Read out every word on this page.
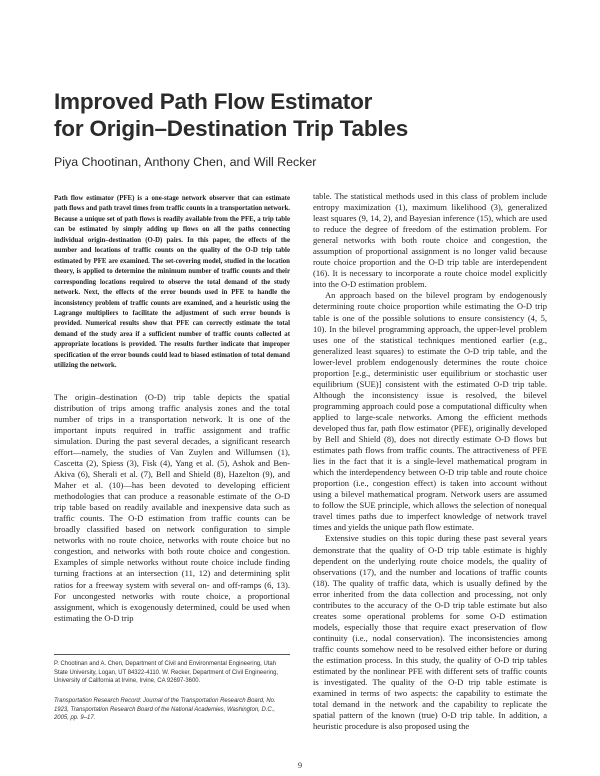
Improved Path Flow Estimator
for Origin–Destination Trip Tables
Piya Chootinan, Anthony Chen, and Will Recker

Path flow estimator (PFE) is a one-stage network observer that can estimate path flows and path travel times from traffic counts in a transportation network. Because a unique set of path flows is readily available from the PFE, a trip table can be estimated by simply adding up flows on all the paths connecting individual origin–destination (O-D) pairs. In this paper, the effects of the number and locations of traffic counts on the quality of the O-D trip table estimated by PFE are examined. The set-covering model, studied in the location theory, is applied to determine the minimum number of traffic counts and their corresponding locations required to observe the total demand of the study network. Next, the effects of the error bounds used in PFE to handle the inconsistency problem of traffic counts are examined, and a heuristic using the Lagrange multipliers to facilitate the adjustment of such error bounds is provided. Numerical results show that PFE can correctly estimate the total demand of the study area if a sufficient number of traffic counts collected at appropriate locations is provided. The results further indicate that improper specification of the error bounds could lead to biased estimation of total demand utilizing the network.

The origin–destination (O-D) trip table depicts the spatial distribution of trips among traffic analysis zones and the total number of trips in a transportation network. It is one of the important inputs required in traffic assignment and traffic simulation. During the past several decades, a significant research effort—namely, the studies of Van Zuylen and Willumsen (1), Cascetta (2), Spiess (3), Fisk (4), Yang et al. (5), Ashok and Ben-Akiva (6), Sherali et al. (7), Bell and Shield (8), Hazelton (9), and Maher et al. (10)—has been devoted to developing efficient methodologies that can produce a reasonable estimate of the O-D trip table based on readily available and inexpensive data such as traffic counts. The O-D estimation from traffic counts can be broadly classified based on network configuration to simple networks with no route choice, networks with route choice but no congestion, and networks with both route choice and congestion. Examples of simple networks without route choice include finding turning fractions at an intersection (11, 12) and determining split ratios for a freeway system with several on- and off-ramps (6, 13). For uncongested networks with route choice, a proportional assignment, which is exogenously determined, could be used when estimating the O-D trip

P. Chootinan and A. Chen, Department of Civil and Environmental Engineering, Utah State University, Logan, UT 84322-4110. W. Recker, Department of Civil Engineering, University of California at Irvine, Irvine, CA 92697-3600.

Transportation Research Record: Journal of the Transportation Research Board, No. 1923, Transportation Research Board of the National Academies, Washington, D.C., 2005, pp. 9–17.

table. The statistical methods used in this class of problem include entropy maximization (1), maximum likelihood (3), generalized least squares (9, 14, 2), and Bayesian inference (15), which are used to reduce the degree of freedom of the estimation problem. For general networks with both route choice and congestion, the assumption of proportional assignment is no longer valid because route choice proportion and the O-D trip table are interdependent (16). It is necessary to incorporate a route choice model explicitly into the O-D estimation problem.

An approach based on the bilevel program by endogenously determining route choice proportion while estimating the O-D trip table is one of the possible solutions to ensure consistency (4, 5, 10). In the bilevel programming approach, the upper-level problem uses one of the statistical techniques mentioned earlier (e.g., generalized least squares) to estimate the O-D trip table, and the lower-level problem endogenously determines the route choice proportion [e.g., deterministic user equilibrium or stochastic user equilibrium (SUE)] consistent with the estimated O-D trip table. Although the inconsistency issue is resolved, the bilevel programming approach could pose a computational difficulty when applied to large-scale networks. Among the efficient methods developed thus far, path flow estimator (PFE), originally developed by Bell and Shield (8), does not directly estimate O-D flows but estimates path flows from traffic counts. The attractiveness of PFE lies in the fact that it is a single-level mathematical program in which the interdependency between O-D trip table and route choice proportion (i.e., congestion effect) is taken into account without using a bilevel mathematical program. Network users are assumed to follow the SUE principle, which allows the selection of nonequal travel times paths due to imperfect knowledge of network travel times and yields the unique path flow estimate.

Extensive studies on this topic during these past several years demonstrate that the quality of O-D trip table estimate is highly dependent on the underlying route choice models, the quality of observations (17), and the number and locations of traffic counts (18). The quality of traffic data, which is usually defined by the error inherited from the data collection and processing, not only contributes to the accuracy of the O-D trip table estimate but also creates some operational problems for some O-D estimation models, especially those that require exact preservation of flow continuity (i.e., nodal conservation). The inconsistencies among traffic counts somehow need to be resolved either before or during the estimation process. In this study, the quality of O-D trip tables estimated by the nonlinear PFE with different sets of traffic counts is investigated. The quality of the O-D trip table estimate is examined in terms of two aspects: the capability to estimate the total demand in the network and the capability to replicate the spatial pattern of the known (true) O-D trip table. In addition, a heuristic procedure is also proposed using the

9
